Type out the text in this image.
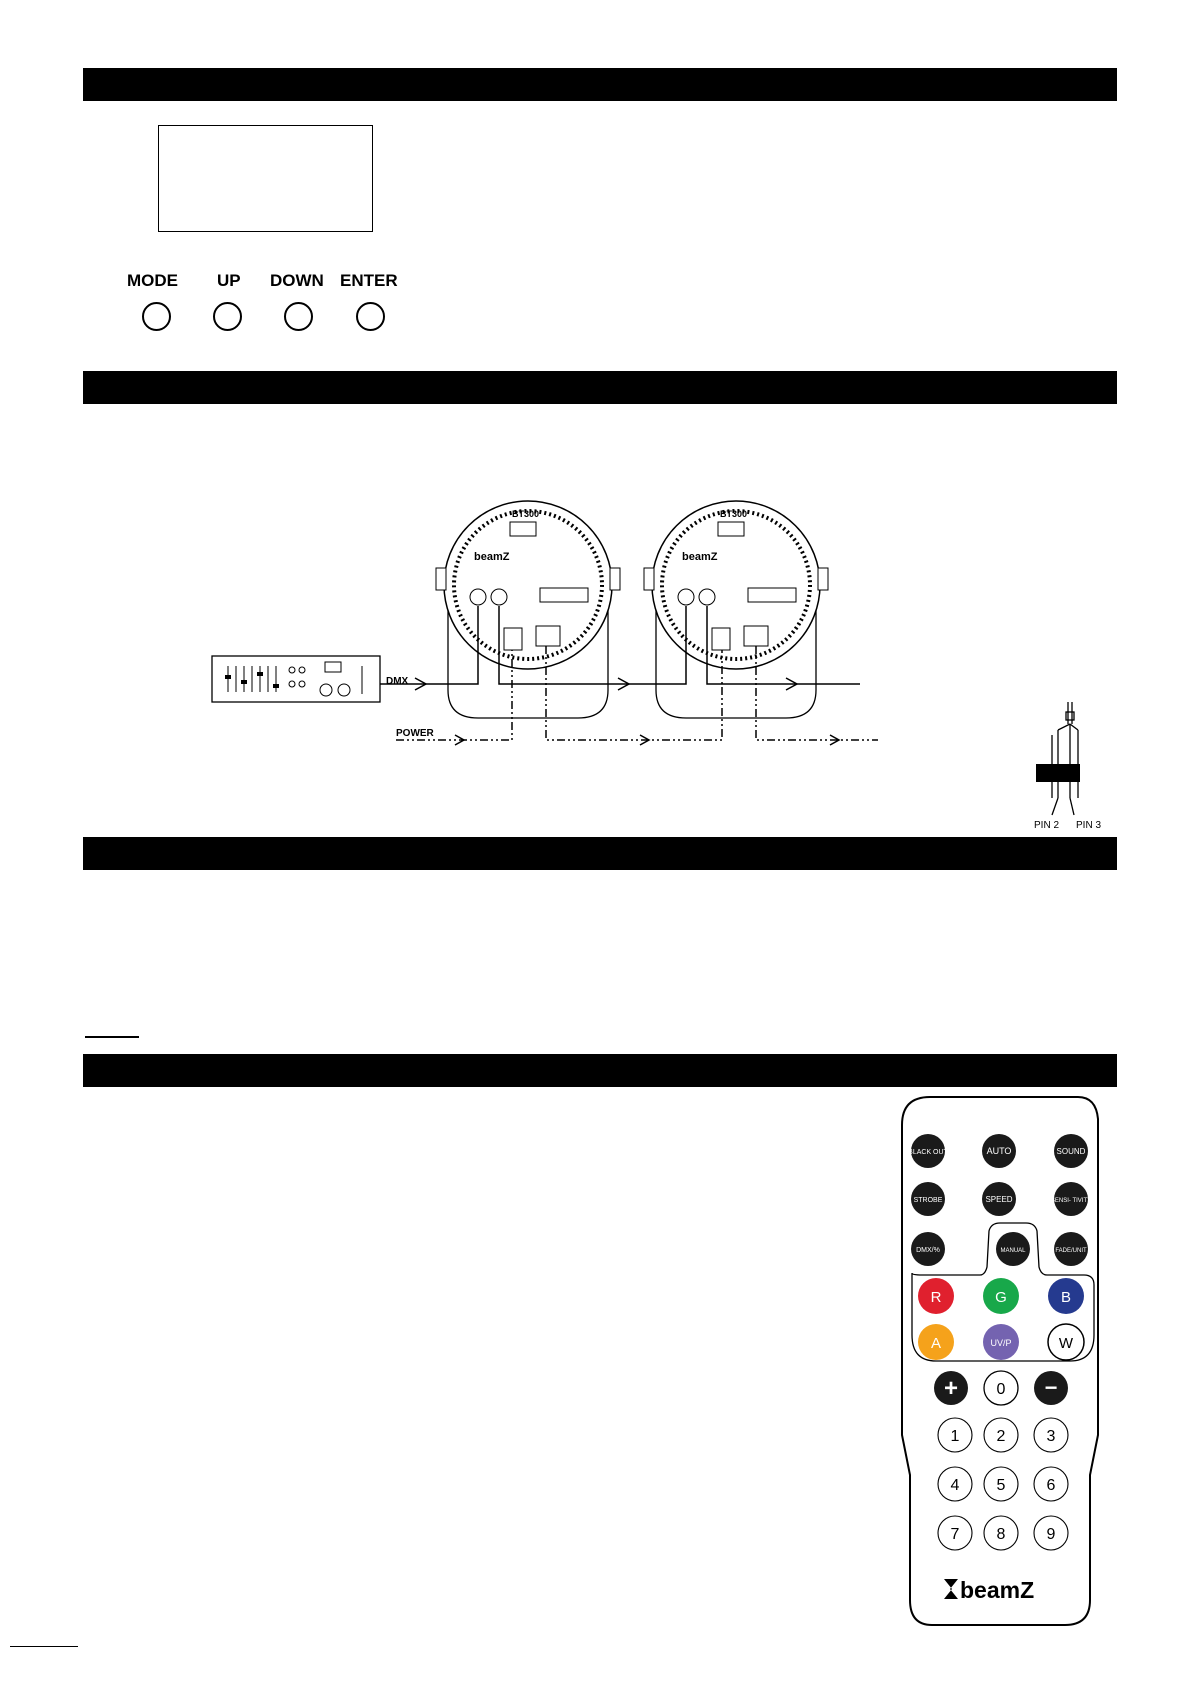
MODE UP DOWN ENTER
DMX
POWER
BT300
beamZ
BT300
beamZ
PIN 2 PIN 3
BLACK OUT	AUTO	SOUND
STROBE	SPEED	SENSI- TIVITY
DMX/%	MANUAL	FADE/UNIT
R	G	B
A	UV/P	W
+ 0 −
1 2	3
4 5	6
7 8	9
beamZ
